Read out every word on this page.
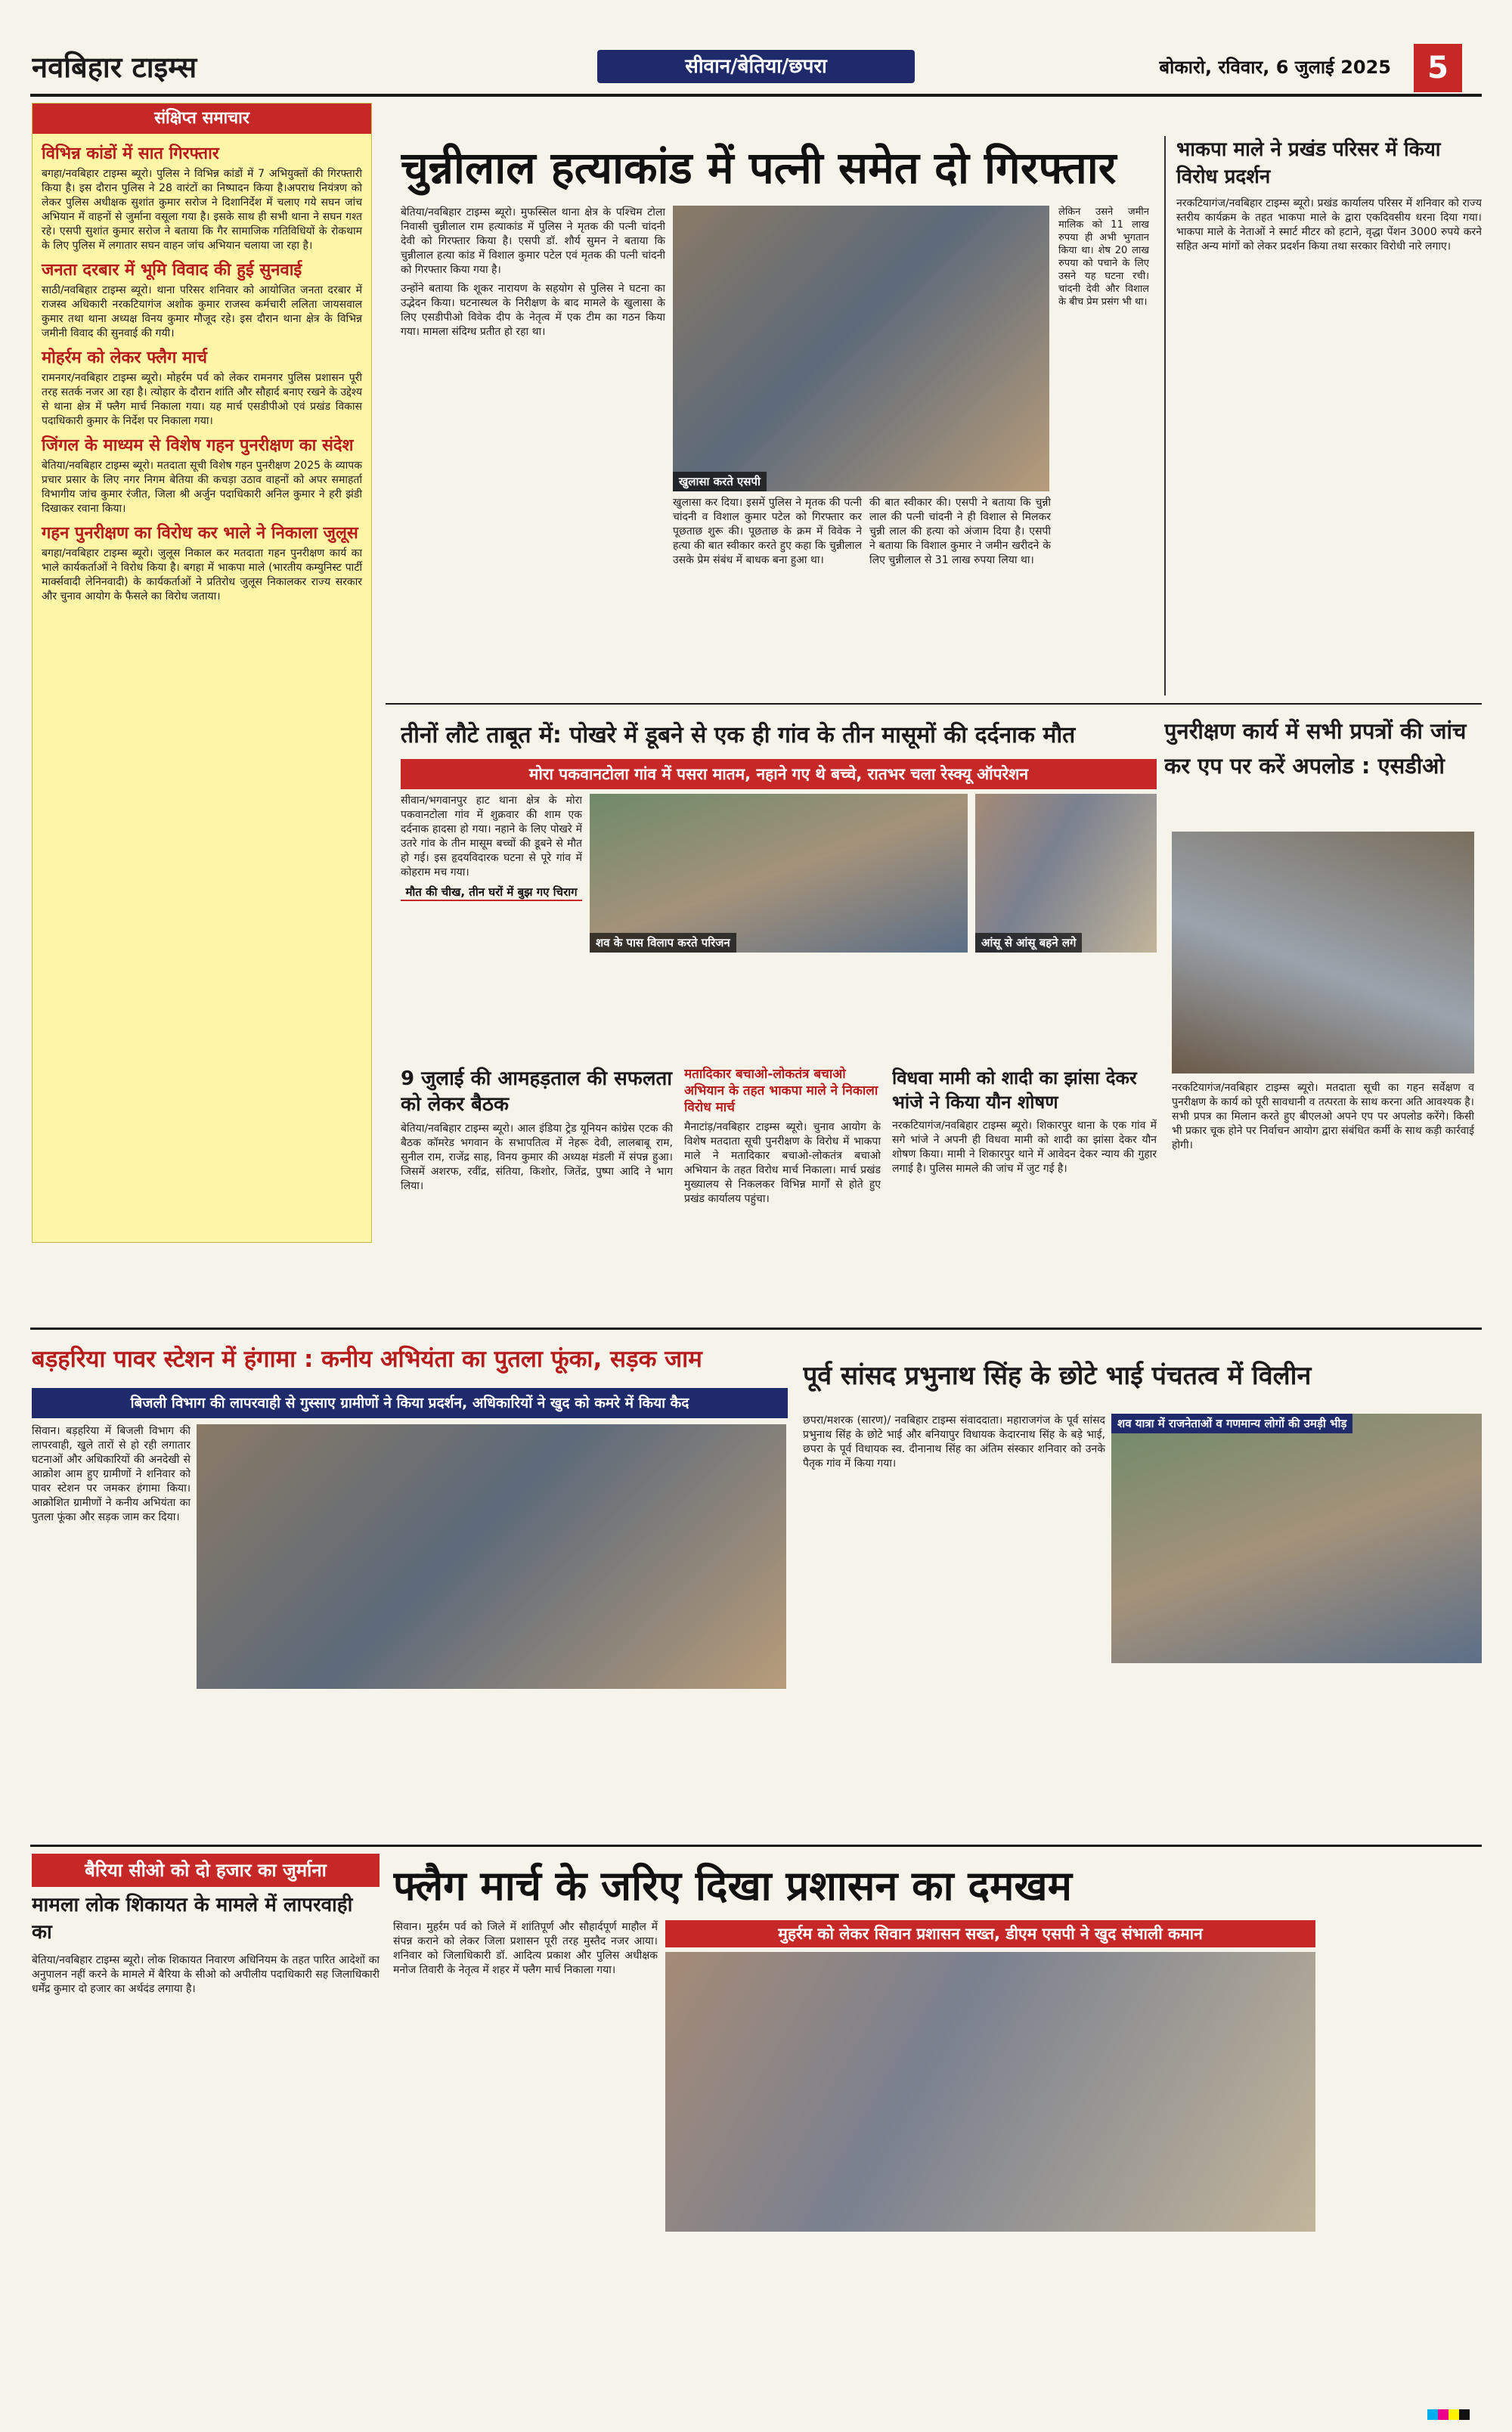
नवबिहार टाइम्स	सीवान/बेतिया/छपरा	बोकारो, रविवार, 6 जुलाई 2025	5
संक्षिप्त समाचार
विभिन्न कांडों में सात गिरफ्तार
बगहा/नवबिहार टाइम्स ब्यूरो। पुलिस ने विभिन्न कांडों में 7 अभियुक्तों की गिरफ्तारी किया है। इस दौरान पुलिस ने 28 वारंटों का निष्पादन किया है।अपराध नियंत्रण को लेकर पुलिस अधीक्षक सुशांत कुमार सरोज ने दिशानिर्देश में चलाए गये सघन जांच अभियान में वाहनों से जुर्माना वसूला गया है। इसके साथ ही सभी थाना ने सघन गश्त रहे। एसपी सुशांत कुमार सरोज ने बताया कि गैर सामाजिक गतिविधियों के रोकथाम के लिए पुलिस में लगातार सघन वाहन जांच अभियान चलाया जा रहा है।
जनता दरबार में भूमि विवाद की हुई सुनवाई
साठी/नवबिहार टाइम्स ब्यूरो। थाना परिसर शनिवार को आयोजित जनता दरबार में राजस्व अधिकारी नरकटियागंज अशोक कुमार राजस्व कर्मचारी ललिता जायसवाल कुमार तथा थाना अध्यक्ष विनय कुमार मौजूद रहे। इस दौरान थाना क्षेत्र के विभिन्न जमीनी विवाद की सुनवाई की गयी।
मोहर्रम को लेकर फ्लैग मार्च
रामनगर/नवबिहार टाइम्स ब्यूरो। मोहर्रम पर्व को लेकर रामनगर पुलिस प्रशासन पूरी तरह सतर्क नजर आ रहा है। त्योहार के दौरान शांति और सौहार्द बनाए रखने के उद्देश्य से थाना क्षेत्र में फ्लैग मार्च निकाला गया। यह मार्च एसडीपीओ एवं प्रखंड विकास पदाधिकारी कुमार के निर्देश पर निकाला गया।
जिंगल के माध्यम से विशेष गहन पुनरीक्षण का संदेश
बेतिया/नवबिहार टाइम्स ब्यूरो। मतदाता सूची विशेष गहन पुनरीक्षण 2025 के व्यापक प्रचार प्रसार के लिए नगर निगम बेतिया की कचड़ा उठाव वाहनों को अपर समाहर्ता विभागीय जांच कुमार रंजीत, जिला श्री अर्जुन पदाधिकारी अनिल कुमार ने हरी झंडी दिखाकर रवाना किया।
गहन पुनरीक्षण का विरोध कर भाले ने निकाला जुलूस
बगहा/नवबिहार टाइम्स ब्यूरो। जुलूस निकाल कर मतदाता गहन पुनरीक्षण कार्य का भाले कार्यकर्ताओं ने विरोध किया है। बगहा में भाकपा माले (भारतीय कम्युनिस्ट पार्टी मार्क्सवादी लेनिनवादी) के कार्यकर्ताओं ने प्रतिरोध जुलूस निकालकर राज्य सरकार और चुनाव आयोग के फैसले का विरोध जताया।
चुन्नीलाल हत्याकांड में पत्नी समेत दो गिरफ्तार
खुलासा करते एसपी
बेतिया/नवबिहार टाइम्स ब्यूरो। मुफस्सिल थाना क्षेत्र के पश्चिम टोला निवासी चुन्नीलाल राम हत्याकांड में पुलिस ने मृतक की पत्नी चांदनी देवी को गिरफ्तार किया है। एसपी डॉ. शौर्य सुमन ने बताया कि चुन्नीलाल हत्या कांड में विशाल कुमार पटेल एवं मृतक की पत्नी चांदनी को गिरफ्तार किया गया है।
उन्होंने बताया कि शूकर नारायण के सहयोग से पुलिस ने घटना का उद्भेदन किया। घटनास्थल के निरीक्षण के बाद मामले के खुलासा के लिए एसडीपीओ विवेक दीप के नेतृत्व में एक टीम का गठन किया गया। मामला संदिग्ध प्रतीत हो रहा था।
खुलासा कर दिया। इसमें पुलिस ने मृतक की पत्नी चांदनी व विशाल कुमार पटेल को गिरफ्तार कर पूछताछ शुरू की। पूछताछ के क्रम में विवेक ने हत्या की बात स्वीकार करते हुए कहा कि चुन्नीलाल उसके प्रेम संबंध में बाधक बना हुआ था।
की बात स्वीकार की। एसपी ने बताया कि चुन्नी लाल की पत्नी चांदनी ने ही विशाल से मिलकर चुन्नी लाल की हत्या को अंजाम दिया है। एसपी ने बताया कि विशाल कुमार ने जमीन खरीदने के लिए चुन्नीलाल से 31 लाख रुपया लिया था।
लेकिन उसने जमीन मालिक को 11 लाख रुपया ही अभी भुगतान किया था। शेष 20 लाख रुपया को पचाने के लिए उसने यह घटना रची। चांदनी देवी और विशाल के बीच प्रेम प्रसंग भी था।
भाकपा माले ने प्रखंड परिसर में किया विरोध प्रदर्शन
नरकटियागंज/नवबिहार टाइम्स ब्यूरो। प्रखंड कार्यालय परिसर में शनिवार को राज्य स्तरीय कार्यक्रम के तहत भाकपा माले के द्वारा एकदिवसीय धरना दिया गया। भाकपा माले के नेताओं ने स्मार्ट मीटर को हटाने, वृद्धा पेंशन 3000 रुपये करने सहित अन्य मांगों को लेकर प्रदर्शन किया तथा सरकार विरोधी नारे लगाए।
तीनों लौटे ताबूत में: पोखरे में डूबने से एक ही गांव के तीन मासूमों की दर्दनाक मौत
मोरा पकवानटोला गांव में पसरा मातम, नहाने गए थे बच्चे, रातभर चला रेस्क्यू ऑपरेशन
शव के पास विलाप करते परिजन	आंसू से आंसू बहने लगे
सीवान/भगवानपुर हाट थाना क्षेत्र के मोरा पकवानटोला गांव में शुक्रवार की शाम एक दर्दनाक हादसा हो गया। नहाने के लिए पोखरे में उतरे गांव के तीन मासूम बच्चों की डूबने से मौत हो गई। इस हृदयविदारक घटना से पूरे गांव में कोहराम मच गया।
मौत की चीख, तीन घरों में बुझ गए चिराग
पुनरीक्षण कार्य में सभी प्रपत्रों की जांच कर एप पर करें अपलोड : एसडीओ
नरकटियागंज/नवबिहार टाइम्स ब्यूरो। मतदाता सूची का गहन सर्वेक्षण व पुनरीक्षण के कार्य को पूरी सावधानी व तत्परता के साथ करना अति आवश्यक है। सभी प्रपत्र का मिलान करते हुए बीएलओ अपने एप पर अपलोड करेंगे। किसी भी प्रकार चूक होने पर निर्वाचन आयोग द्वारा संबंधित कर्मी के साथ कड़ी कार्रवाई होगी।
9 जुलाई की आमहड़ताल की सफलता को लेकर बैठक
बेतिया/नवबिहार टाइम्स ब्यूरो। आल इंडिया ट्रेड यूनियन कांग्रेस एटक की बैठक कॉमरेड भगवान के सभापतित्व में नेहरू देवी, लालबाबू राम, सुनील राम, राजेंद्र साह, विनय कुमार की अध्यक्ष मंडली में संपन्न हुआ। जिसमें अशरफ, रवींद्र, संतिया, किशोर, जितेंद्र, पुष्पा आदि ने भाग लिया।
मतादिकार बचाओ-लोकतंत्र बचाओ अभियान के तहत भाकपा माले ने निकाला विरोध मार्च
मैनाटांड़/नवबिहार टाइम्स ब्यूरो। चुनाव आयोग के विशेष मतदाता सूची पुनरीक्षण के विरोध में भाकपा माले ने मतादिकार बचाओ-लोकतंत्र बचाओ अभियान के तहत विरोध मार्च निकाला। मार्च प्रखंड मुख्यालय से निकलकर विभिन्न मार्गों से होते हुए प्रखंड कार्यालय पहुंचा।
विधवा मामी को शादी का झांसा देकर भांजे ने किया यौन शोषण
नरकटियागंज/नवबिहार टाइम्स ब्यूरो। शिकारपुर थाना के एक गांव में सगे भांजे ने अपनी ही विधवा मामी को शादी का झांसा देकर यौन शोषण किया। मामी ने शिकारपुर थाने में आवेदन देकर न्याय की गुहार लगाई है। पुलिस मामले की जांच में जुट गई है।
बड़हरिया पावर स्टेशन में हंगामा : कनीय अभियंता का पुतला फूंका, सड़क जाम
बिजली विभाग की लापरवाही से गुस्साए ग्रामीणों ने किया प्रदर्शन, अधिकारियों ने खुद को कमरे में किया कैद
सिवान। बड़हरिया में बिजली विभाग की लापरवाही, खुले तारों से हो रही लगातार घटनाओं और अधिकारियों की अनदेखी से आक्रोश आम हुए ग्रामीणों ने शनिवार को पावर स्टेशन पर जमकर हंगामा किया। आक्रोशित ग्रामीणों ने कनीय अभियंता का पुतला फूंका और सड़क जाम कर दिया।
पूर्व सांसद प्रभुनाथ सिंह के छोटे भाई पंचतत्व में विलीन
शव यात्रा में राजनेताओं व गणमान्य लोगों की उमड़ी भीड़
छपरा/मशरक (सारण)/ नवबिहार टाइम्स संवाददाता। महाराजगंज के पूर्व सांसद प्रभुनाथ सिंह के छोटे भाई और बनियापुर विधायक केदारनाथ सिंह के बड़े भाई, छपरा के पूर्व विधायक स्व. दीनानाथ सिंह का अंतिम संस्कार शनिवार को उनके पैतृक गांव में किया गया।
बैरिया सीओ को दो हजार का जुर्माना
मामला लोक शिकायत के मामले में लापरवाही का
बेतिया/नवबिहार टाइम्स ब्यूरो। लोक शिकायत निवारण अधिनियम के तहत पारित आदेशों का अनुपालन नहीं करने के मामले में बैरिया के सीओ को अपीलीय पदाधिकारी सह जिलाधिकारी धर्मेंद्र कुमार दो हजार का अर्थदंड लगाया है।
फ्लैग मार्च के जरिए दिखा प्रशासन का दमखम
मुहर्रम को लेकर सिवान प्रशासन सख्त, डीएम एसपी ने खुद संभाली कमान
सिवान। मुहर्रम पर्व को जिले में शांतिपूर्ण और सौहार्दपूर्ण माहौल में संपन्न कराने को लेकर जिला प्रशासन पूरी तरह मुस्तैद नजर आया। शनिवार को जिलाधिकारी डॉ. आदित्य प्रकाश और पुलिस अधीक्षक मनोज तिवारी के नेतृत्व में शहर में फ्लैग मार्च निकाला गया।
